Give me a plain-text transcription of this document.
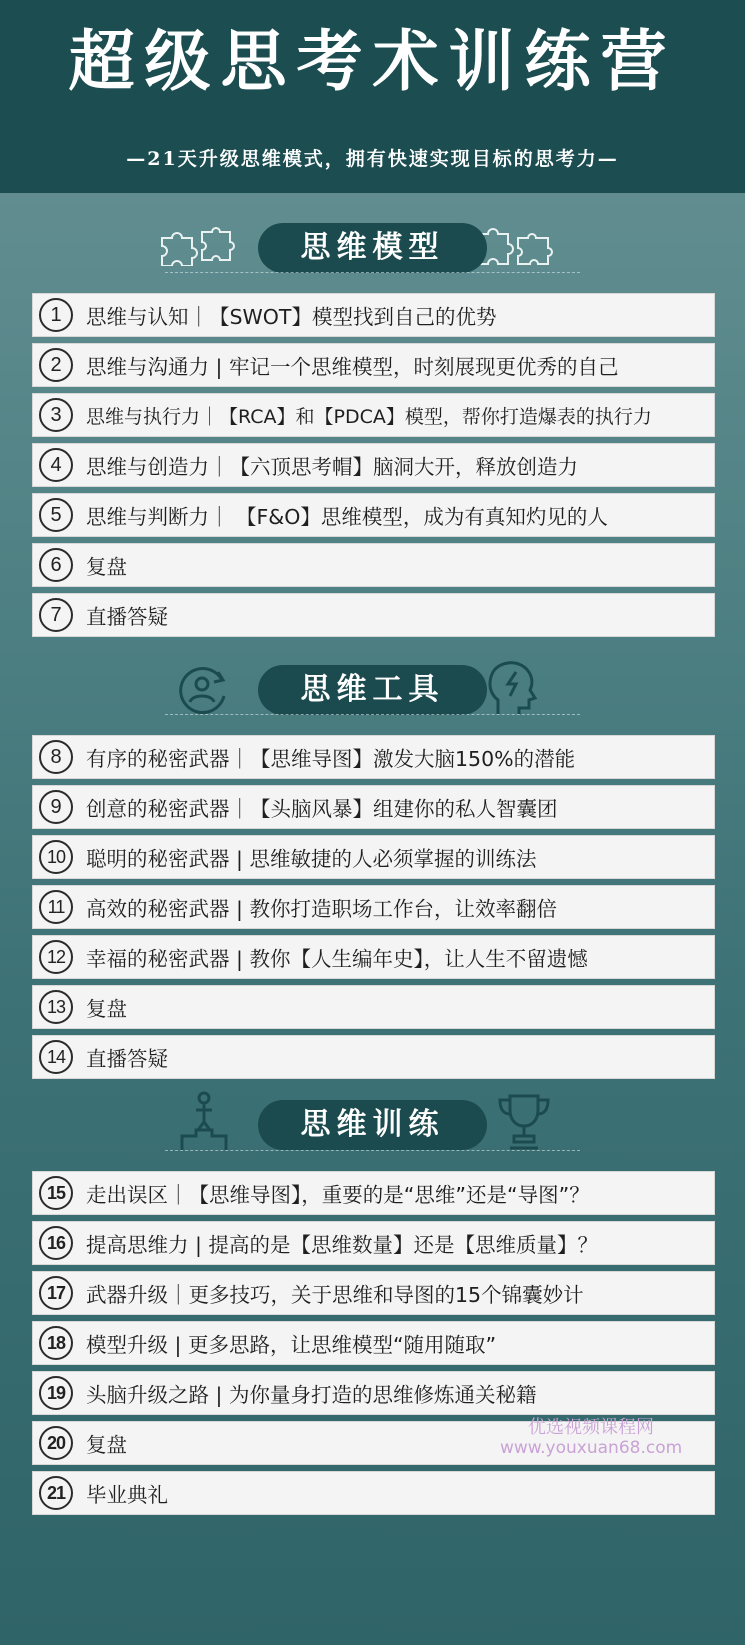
超级思考术训练营
—21天升级思维模式，拥有快速实现目标的思考力—
思维模型
1	思维与认知｜【SWOT】模型找到自己的优势
2	思维与沟通力 | 牢记一个思维模型，时刻展现更优秀的自己
3	思维与执行力｜【RCA】和【PDCA】模型，帮你打造爆表的执行力
4	思维与创造力｜【六顶思考帽】脑洞大开，释放创造力
5	思维与判断力｜ 【F&O】思维模型，成为有真知灼见的人
6	复盘
7	直播答疑
思维工具
8	有序的秘密武器｜【思维导图】激发大脑150%的潜能
9	创意的秘密武器｜【头脑风暴】组建你的私人智囊团
10	聪明的秘密武器 | 思维敏捷的人必须掌握的训练法
11	高效的秘密武器 | 教你打造职场工作台，让效率翻倍
12	幸福的秘密武器 | 教你【人生编年史】，让人生不留遗憾
13	复盘
14	直播答疑
思维训练
15	走出误区｜【思维导图】，重要的是“思维”还是“导图”？
16	提高思维力 | 提高的是【思维数量】还是【思维质量】？
17	武器升级｜更多技巧，关于思维和导图的15个锦囊妙计
18	模型升级 | 更多思路，让思维模型“随用随取”
19	头脑升级之路 | 为你量身打造的思维修炼通关秘籍
20	复盘
21	毕业典礼
优选视频课程网
www.youxuan68.com
